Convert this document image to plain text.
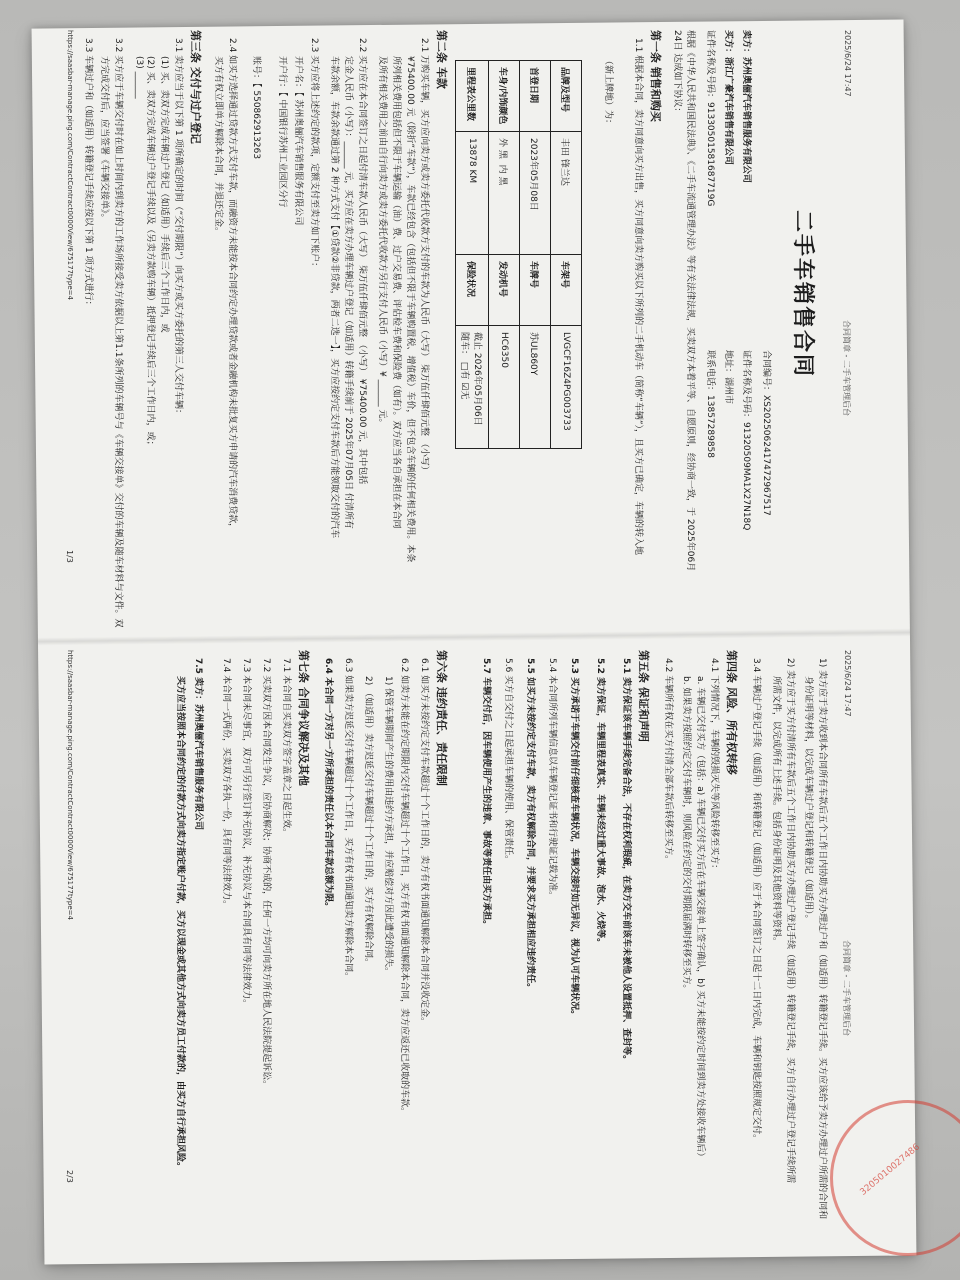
2025/6/24 17:47
合同简章 - 二手车管理后台
二手车销售合同
合同编号：XS2025062417472967517
卖方：苏州奥俪汽车销售服务有限公司
证件名称及号码：91320509MA1X27N18Q
买方：浙江广豪汽车销售有限公司
地址：湖州市
证件名称及号码：91330501581687719G
联系电话：13857289858
根据《中华人民共和国民法典》、《二手车流通管理办法》等有关法律法规，买卖双方本着平等、自愿原则，经协商一致，于 2025年06月24日 达成如下协议：
第一条 销售和购买
1.1 根据本合同，卖方同意向买方出售，买方同意向卖方购买以下所列的二手机动车（简称“车辆”），且买方已确定，车辆的转入地
（新上牌地）为：
品牌及型号	丰田 锋兰达	车架号	LVGCF16Z4PG003733
首登日期	2023年05月08日	车牌号	苏UL860Y
车身/内饰颜色	外 黑  内 黑	发动机号	HC6350
里程表公里数	13878 KM	保险状况	截止 2026年05月06日
随车： □有 ☑无
第二条 车款
2.1 万购买车辆，买方应向卖方或卖方委托代收款方支付的车款为人民币（大写） 柒万伍仟肆佰元整 （小写）
¥75400.00 元（除折“车款”），车款已经包含（包括但不限于车辆购置税、增值税）车价，但不包含车辆的任何相关费用。本条
所列相关费用包括但不限于车辆运输（油）费、过户交易费、评估检车费和保险费（如有）。双方应当各自承担在本合同
及所有相关费用之前由自行向卖方或卖方委托代收款方另行支付人民币（小写）¥ ______ 元。
2.2 买方应在本合同签订之日起付清车款人民币（大写） 柒万伍仟肆佰元整 （小写） ¥75400.00 元，其中包括
定金人民币（小写）：______ 元，买方应在卖方办理车辆过户登记（如适用）转籍手续前于 2025年07月05日 付清所有
车款余额，车款余款通过第 2 种方式支付【①贷款②非贷款，两者二选一】，买方应按约定支付车款后方能领取交付的汽车
2.3 买方应将上述约定的款项，定额支付至卖方如下账户：
开户名：【 苏州奥俪汽车销售服务有限公司
开户行：【 中国银行苏州工业园区分行
账号：【 550862913263
2.4 如买方选择通过贷款方式支付车款，而融资方未能按本合同约定办理贷款或者金融机构未批复买方申请的汽车消费贷款，
买方有权立即单方解除本合同，并退还定金。
第三条 交付与过户登记
3.1 卖方应当于以下第 1 项所确定的时间（“交付期限”）向买方或买方委托的第三人交付车辆：
(1) 买、卖双方完成车辆过户登记（如适用）手续后三个工作日内，或
(2) 买、卖双方完成车辆过户登记手续以及（另卖方款购车辆）抵押登记手续后三个工作日内，或；
(3) ______
3.2 买方应于车辆交付时在如上时间内到卖方的工作场所接受卖方依据以上第1.1条所列的车辆号与《车辆交接单》交付的车辆及随车材料与文件。双
方完成交付后，应当签署《车辆交接单》。
3.3 车辆过户和（如适用）转籍登记手续应按以下第 1 项方式进行：
https://saasbar-manage.ping.com/ContractContract0000View/675177type=4
1/3
2025/6/24 17:47
合同简章 - 二手车管理后台
1) 卖方应于卖方收到本合同所有车款后五个工作日内协助买方办理过户和（如适用）转籍登记手续。买方应该给予卖方办理过户所需的合同和
身份证明等材料，以完成车辆过户登记和转籍登记（如适用）。
2) 卖方应于买方付清所有车款后五个工作日内协助买方办理过户登记手续（如适用）转籍登记手续，买方自行办理过户登记手续所需
所需文件，以完成所有上述手续。包括身份证明及其他资料等资料。
3.4 车辆过户登记手续（如适用）和转籍登记（如适用）应于本合同签订之日起十二日内完成，车辆和钥匙按照规定交付。
第四条 风险、所有权转移
4.1 下列情况下，车辆的毁损灭失等风险转移至买方：
a. 车辆已交付买方（包括：a) 车辆已交付买方后在车辆交接单上签字确认，b) 买方未能按约定时间到卖方处接收车辆后）
b. 如果卖方按照约定交付车辆时，则风险在约定的交付期限届满时转移至买方。
4.2 车辆所有权在买方付清全部车款后转移至买方。
第五条 保证和声明
5.1 卖方保证该车辆手续完备合法，不存在权利瑕疵，在卖方交车前该车未被他人设置抵押、查封等。
5.2 卖方保证，车辆里程表真实、车辆未经过重大事故、泡水、火烧等。
5.3 买方承诺于车辆交付前仔细核查车辆状况，车辆交接时如无异议，视为认可车辆状况。
5.4 本合同所列车辆信息以车辆登记证书和行驶证记载为准。
5.5 如买方未按约定支付车款，卖方有权解除合同，并要求买方承担相应违约责任。
5.6 买方自交付之日起承担车辆的使用、保管责任。
5.7 车辆交付后，因车辆使用产生的违章、事故等责任由买方承担。
第六条 违约责任、责任限制
6.1 如买方未按约定支付车款超过十个工作日的，卖方有权书面通知解除本合同并没收定金。
6.2 如卖方未能在约定期限内交付车辆超过十个工作日，买方有权书面通知解除本合同，卖方应返还已收取的车款。
1) 保管车辆期间产生的费用由违约方承担，并应赔偿对方因此遭受的损失。
2) （如适用）卖方迟延交付车辆超过十个工作日的，买方有权解除合同。
6.3 如果卖方迟延交付车辆超过十个工作日，买方有权书面通知卖方解除本合同。
6.4 本合同一方对另一方所承担的责任以本合同车款总额为限。
第七条 合同争议解决及其他
7.1 本合同自买卖双方签字盖章之日起生效。
7.2 买卖双方因本合同发生争议，应协商解决；协商不成的，任何一方均可向卖方所在地人民法院提起诉讼。
7.3 本合同未尽事宜，双方可另行签订补充协议，补充协议与本合同具有同等法律效力。
7.4 本合同一式两份，买卖双方各执一份，具有同等法律效力。
7.5 卖方：苏州奥俪汽车销售服务有限公司
买方应当按照本合同约定的付款方式向卖方指定账户付款，买方以现金或其他方式向卖方员工付款的，由买方自行承担风险。
https://saasbar-manage.ping.com/ContractContract0000View/675177type=4
2/3	3205010027486
